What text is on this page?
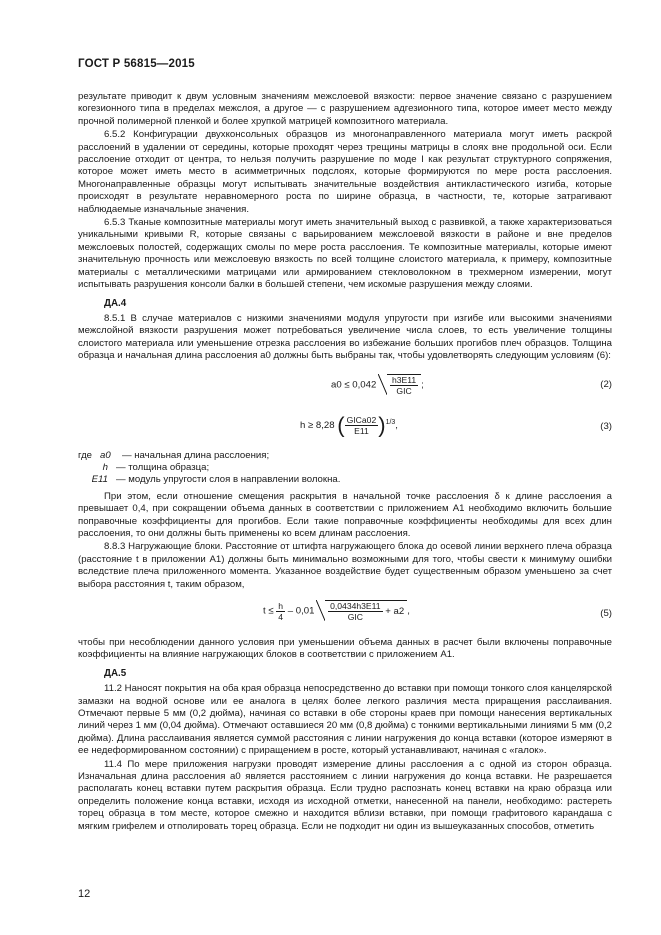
ГОСТ Р 56815—2015

результате приводит к двум условным значениям межслоевой вязкости: первое значение связано с разрушением когезионного типа в пределах межслоя, а другое — с разрушением адгезионного типа, которое имеет место между прочной полимерной пленкой и более хрупкой матрицей композитного материала.

6.5.2 Конфигурации двухконсольных образцов из многонаправленного материала могут иметь раскрой расслоений в удалении от середины, которые проходят через трещины матрицы в слоях вне продольной оси. Если расслоение отходит от центра, то нельзя получить разрушение по моде I как результат структурного сопряжения, которое может иметь место в асимметричных подслоях, которые формируются по мере роста расслоения. Многонаправленные образцы могут испытывать значительные воздействия антикластического изгиба, которые происходят в результате неравномерного роста по ширине образца, в частности, те, которые затрагивают наблюдаемые изначальные значения.

6.5.3 Тканые композитные материалы могут иметь значительный выход с развивкой, а также характеризоваться уникальными кривыми R, которые связаны с варьированием межслоевой вязкости в районе и вне пределов межслоевых полостей, содержащих смолы по мере роста расслоения. Те композитные материалы, которые имеют значительную прочность или межслоевую вязкость по всей толщине слоистого материала, к примеру, композитные материалы с металлическими матрицами или армированием стекловолокном в трехмерном измерении, могут испытывать разрушения консоли балки в большей степени, чем искомые разрушения между слоями.

ДА.4

8.5.1 В случае материалов с низкими значениями модуля упругости при изгибе или высокими значениями межслойной вязкости разрушения может потребоваться увеличение числа слоев, то есть увеличение толщины слоистого материала или уменьшение отрезка расслоения во избежание больших прогибов плеч образцов. Толщина образца и начальная длина расслоения a0 должны быть выбраны так, чтобы удовлетворять следующим условиям (6):

$a0 \le 0,042 \frac{h3E11}{\text{GIC}}$ ;	(2)
h ≥ 8,28 ( $\frac{\text{GICa02}}{E11} )^{1/3}$,	(3)
где a0	— начальная длина расслоения;
h — толщина образца;
E11 — модуль упругости слоя в направлении волокна.

При этом, если отношение смещения раскрытия в начальной точке расслоения δ к длине расслоения a превышает 0,4, при сокращении объема данных в соответствии с приложением А1 необходимо включить большие поправочные коэффициенты для прогибов. Если такие поправочные коэффициенты необходимы для всех длин расслоения, то они должны быть применены ко всем длинам расслоения.

8.8.3 Нагружающие блоки. Расстояние от штифта нагружающего блока до осевой линии верхнего плеча образца (расстояние t в приложении А1) должны быть минимально возможными для того, чтобы свести к минимуму ошибки вследствие плеча приложенного момента. Указанное воздействие будет существенным образом уменьшено за счет выбора расстояния t, таким образом,

$t \le \frac{h}{4} - 0,01 \frac{0,0434h3E11}{\text{GIC}} + a2$ ,	(5)

чтобы при несоблюдении данного условия при уменьшении объема данных в расчет были включены поправочные коэффициенты на влияние нагружающих блоков в соответствии с приложением А1.

ДА.5

11.2 Наносят покрытия на оба края образца непосредственно до вставки при помощи тонкого слоя канцелярской замазки на водной основе или ее аналога в целях более легкого различия места приращения расслаивания. Отмечают первые 5 мм (0,2 дюйма), начиная со вставки в обе стороны краев при помощи нанесения вертикальных линий через 1 мм (0,04 дюйма). Отмечают оставшиеся 20 мм (0,8 дюйма) с тонкими вертикальными линиями 5 мм (0,2 дюйма). Длина расслаивания является суммой расстояния с линии нагружения до конца вставки (которое измеряют в ее недеформированном состоянии) с приращением в росте, который устанавливают, начиная с «галок».

11.4 По мере приложения нагрузки проводят измерение длины расслоения a с одной из сторон образца. Изначальная длина расслоения a0 является расстоянием с линии нагружения до конца вставки. Не разрешается располагать конец вставки путем раскрытия образца. Если трудно распознать конец вставки на краю образца или определить положение конца вставки, исходя из исходной отметки, нанесенной на панели, необходимо: растереть торец образца в том месте, которое смежно и находится вблизи вставки, при помощи графитового карандаша с мягким грифелем и отполировать торец образца. Если не подходит ни один из вышеуказанных способов, отметить

12
